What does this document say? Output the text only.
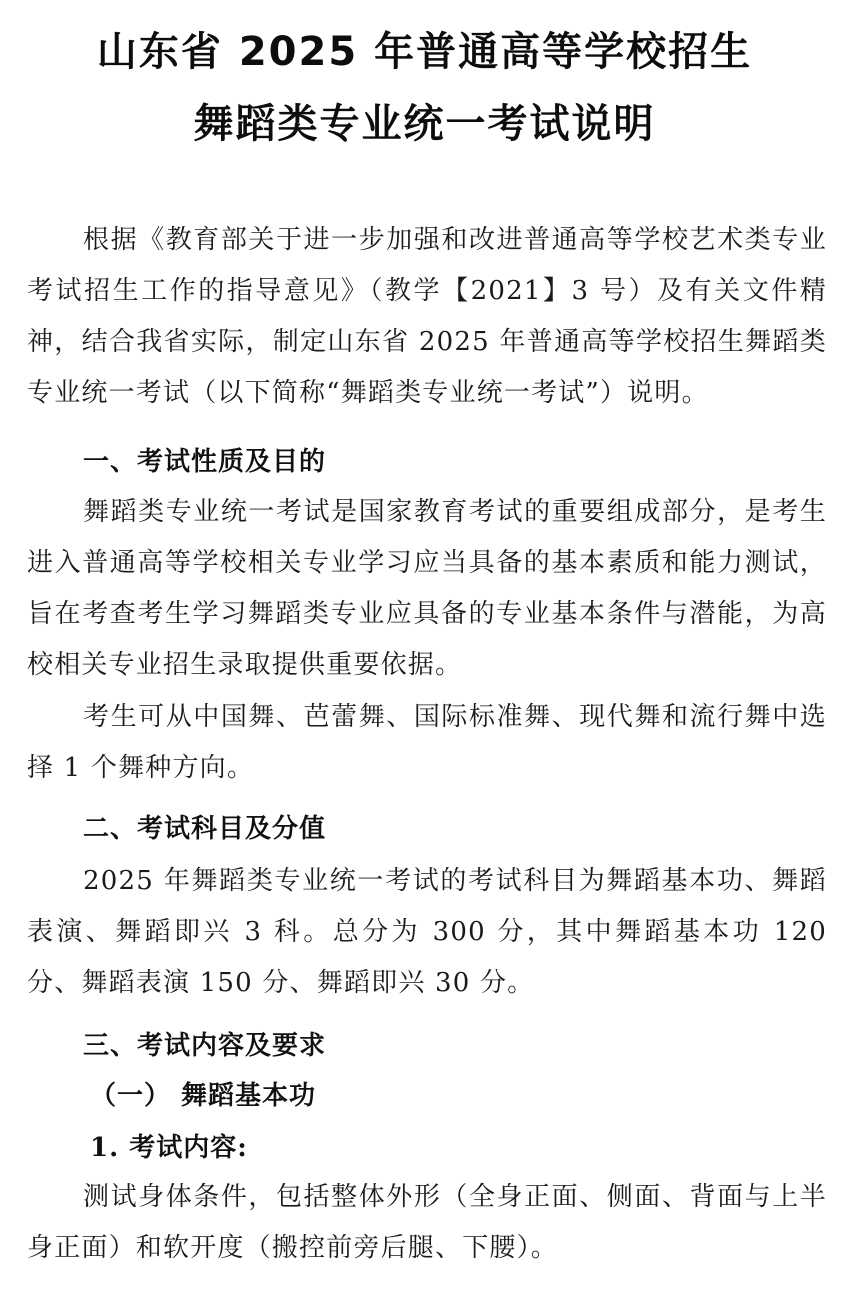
山东省 2025 年普通高等学校招生
舞蹈类专业统一考试说明
根据《教育部关于进一步加强和改进普通高等学校艺术类专业考试招生工作的指导意见》（教学【2021】3 号）及有关文件精神，结合我省实际，制定山东省 2025 年普通高等学校招生舞蹈类专业统一考试（以下简称“舞蹈类专业统一考试”）说明。
一、考试性质及目的
舞蹈类专业统一考试是国家教育考试的重要组成部分，是考生进入普通高等学校相关专业学习应当具备的基本素质和能力测试，旨在考查考生学习舞蹈类专业应具备的专业基本条件与潜能，为高校相关专业招生录取提供重要依据。
考生可从中国舞、芭蕾舞、国际标准舞、现代舞和流行舞中选择 1 个舞种方向。
二、考试科目及分值
2025 年舞蹈类专业统一考试的考试科目为舞蹈基本功、舞蹈表演、舞蹈即兴 3 科。总分为 300 分，其中舞蹈基本功 120 分、舞蹈表演 150 分、舞蹈即兴 30 分。
三、考试内容及要求
（一） 舞蹈基本功
1. 考试内容:
测试身体条件，包括整体外形（全身正面、侧面、背面与上半身正面）和软开度（搬控前旁后腿、下腰）。
